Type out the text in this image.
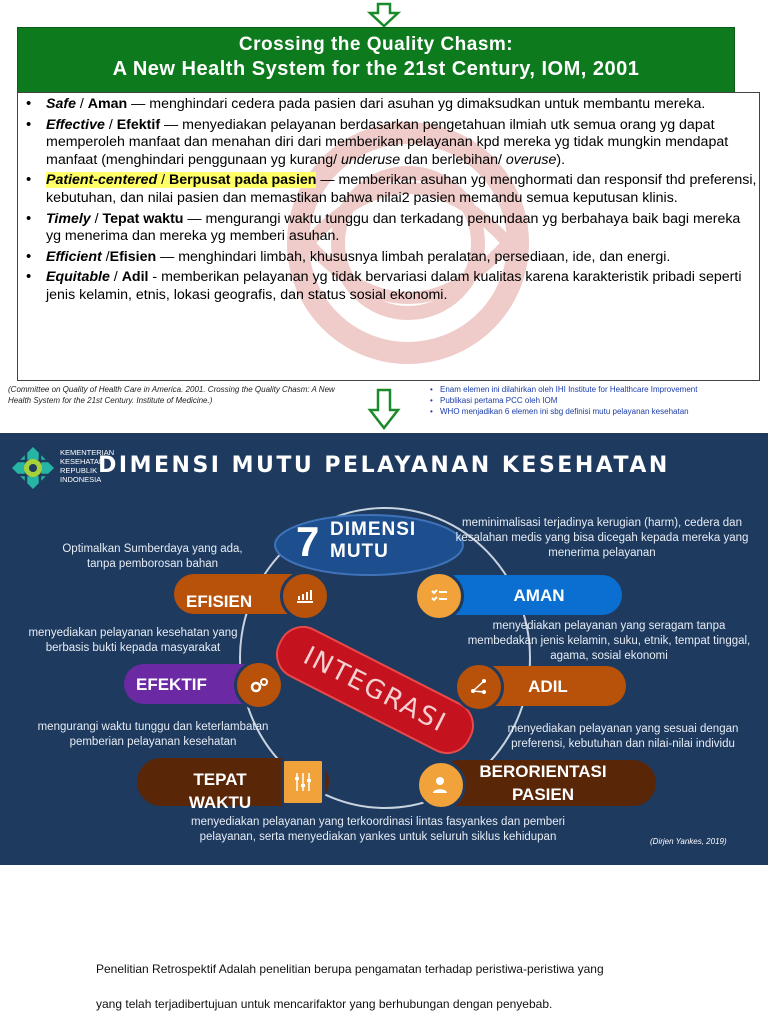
Crossing the Quality Chasm:
A New Health System for the 21st Century, IOM, 2001
• Safe / Aman — menghindari cedera pada pasien dari asuhan yg dimaksudkan untuk membantu mereka.
• Effective / Efektif — menyediakan pelayanan berdasarkan pengetahuan ilmiah utk semua orang yg dapat memperoleh manfaat dan menahan diri dari memberikan pelayanan kpd mereka yg tidak mungkin mendapat manfaat (menghindari penggunaan yg kurang/ underuse dan berlebihan/ overuse).
• Patient-centered / Berpusat pada pasien — memberikan asuhan yg menghormati dan responsif thd preferensi, kebutuhan, dan nilai pasien dan memastikan bahwa nilai2 pasien memandu semua keputusan klinis.
• Timely / Tepat waktu — mengurangi waktu tunggu dan terkadang penundaan yg berbahaya baik bagi mereka yg menerima dan mereka yg memberi asuhan.
• Efficient /Efisien — menghindari limbah, khususnya limbah peralatan, persediaan, ide, dan energi.
• Equitable / Adil - memberikan pelayanan yg tidak bervariasi dalam kualitas karena karakteristik pribadi seperti jenis kelamin, etnis, lokasi geografis, dan status sosial ekonomi.
(Committee on Quality of Health Care in America. 2001. Crossing the Quality Chasm: A New Health System for the 21st Century. Institute of Medicine.)
• Enam elemen ini dilahirkan oleh IHI Institute for Healthcare Improvement
• Publikasi pertama PCC oleh IOM
• WHO menjadikan 6 elemen ini sbg definisi mutu pelayanan kesehatan
KEMENTERIAN KESEHATAN REPUBLIK INDONESIA
DIMENSI MUTU PELAYANAN KESEHATAN
7 DIMENSI MUTU
INTEGRASI
EFISIEN
Optimalkan Sumberdaya yang ada, tanpa pemborosan bahan
AMAN
meminimalisasi terjadinya kerugian (harm), cedera dan kesalahan medis yang bisa dicegah kepada mereka yang menerima pelayanan
EFEKTIF
menyediakan pelayanan kesehatan yang berbasis bukti kepada masyarakat
ADIL
menyediakan pelayanan yang seragam tanpa membedakan jenis kelamin, suku, etnik, tempat tinggal, agama, sosial ekonomi
TEPAT WAKTU
mengurangi waktu tunggu dan keterlambatan pemberian pelayanan kesehatan
BERORIENTASI PASIEN
menyediakan pelayanan yang sesuai dengan preferensi, kebutuhan dan nilai-nilai individu
menyediakan pelayanan yang terkoordinasi lintas fasyankes dan pemberi pelayanan, serta menyediakan yankes untuk seluruh siklus kehidupan	(Dirjen Yankes, 2019)
Penelitian Retrospektif Adalah penelitian berupa pengamatan terhadap peristiwa-peristiwa yang
yang telah terjadibertujuan untuk mencarifaktor yang berhubungan dengan penyebab.
